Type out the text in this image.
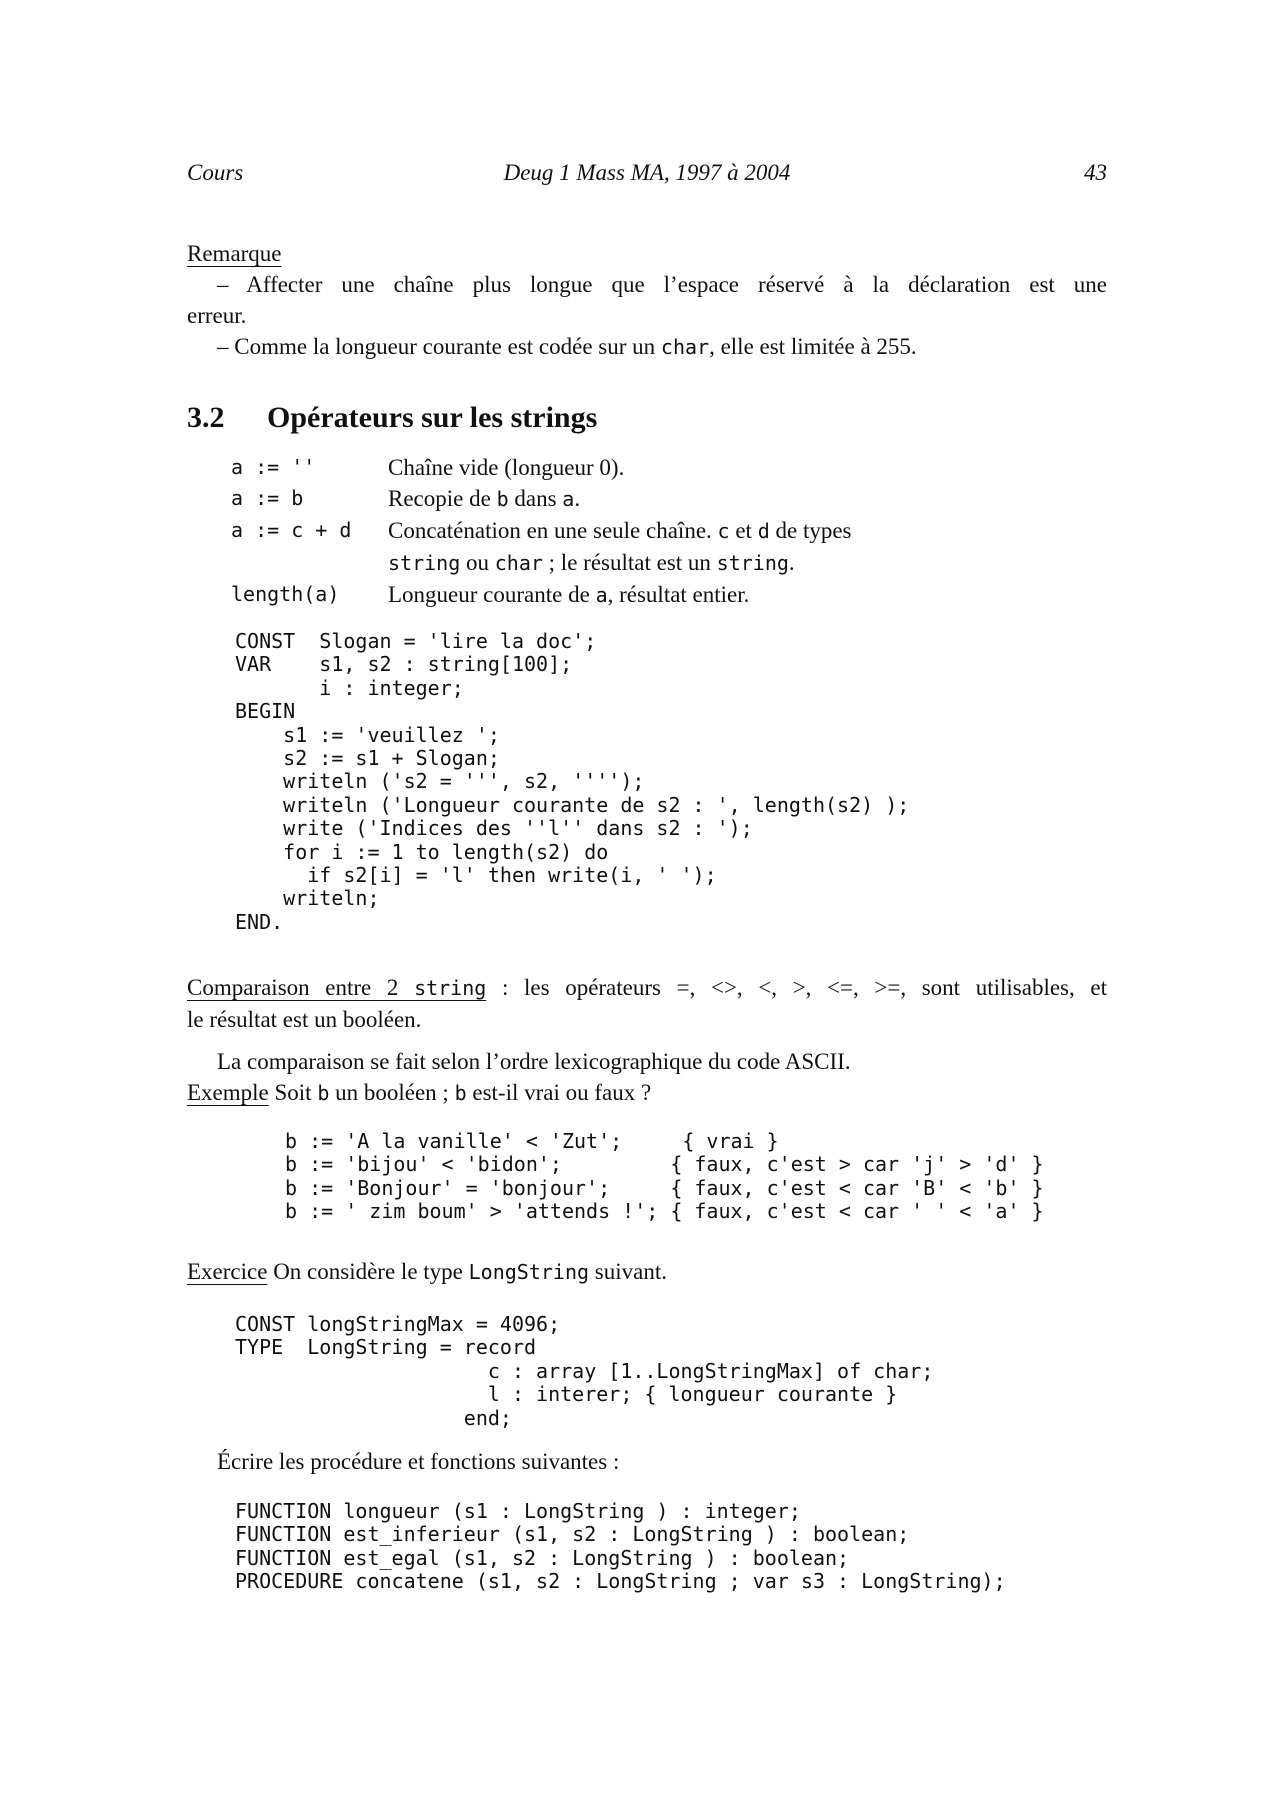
Cours	Deug 1 Mass MA, 1997 à 2004	43
Remarque
– Affecter une chaîne plus longue que l’espace réservé à la déclaration est une
erreur.
– Comme la longueur courante est codée sur un char, elle est limitée à 255.
3.2 Opérateurs sur les strings
a := ''	Chaîne vide (longueur 0).
a := b	Recopie de b dans a.
a := c + d	Concaténation en une seule chaîne. c et d de types
	string ou char ; le résultat est un string.
length(a)	Longueur courante de a, résultat entier.
CONST  Slogan = 'lire la doc';
VAR    s1, s2 : string[100];
i : integer;
BEGIN
s1 := 'veuillez ';
s2 := s1 + Slogan;
writeln ('s2 = ''', s2, '''');
writeln ('Longueur courante de s2 : ', length(s2) );
write ('Indices des ''l'' dans s2 : ');
for i := 1 to length(s2) do
if s2[i] = 'l' then write(i, ' ');
writeln;
END.
Comparaison entre 2 string : les opérateurs =, <>, <, >, <=, >=, sont utilisables, et
le résultat est un booléen.
La comparaison se fait selon l’ordre lexicographique du code ASCII.
Exemple Soit b un booléen ; b est-il vrai ou faux ?
b := 'A la vanille' < 'Zut';     { vrai }
b := 'bijou' < 'bidon';         { faux, c'est > car 'j' > 'd' }
b := 'Bonjour' = 'bonjour';     { faux, c'est < car 'B' < 'b' }
b := ' zim boum' > 'attends !'; { faux, c'est < car ' ' < 'a' }
Exercice On considère le type LongString suivant.
CONST longStringMax = 4096;
TYPE  LongString = record
c : array [1..LongStringMax] of char;
l : interer; { longueur courante }
end;
Écrire les procédure et fonctions suivantes :
FUNCTION longueur (s1 : LongString ) : integer;
FUNCTION est_inferieur (s1, s2 : LongString ) : boolean;
FUNCTION est_egal (s1, s2 : LongString ) : boolean;
PROCEDURE concatene (s1, s2 : LongString ; var s3 : LongString);
